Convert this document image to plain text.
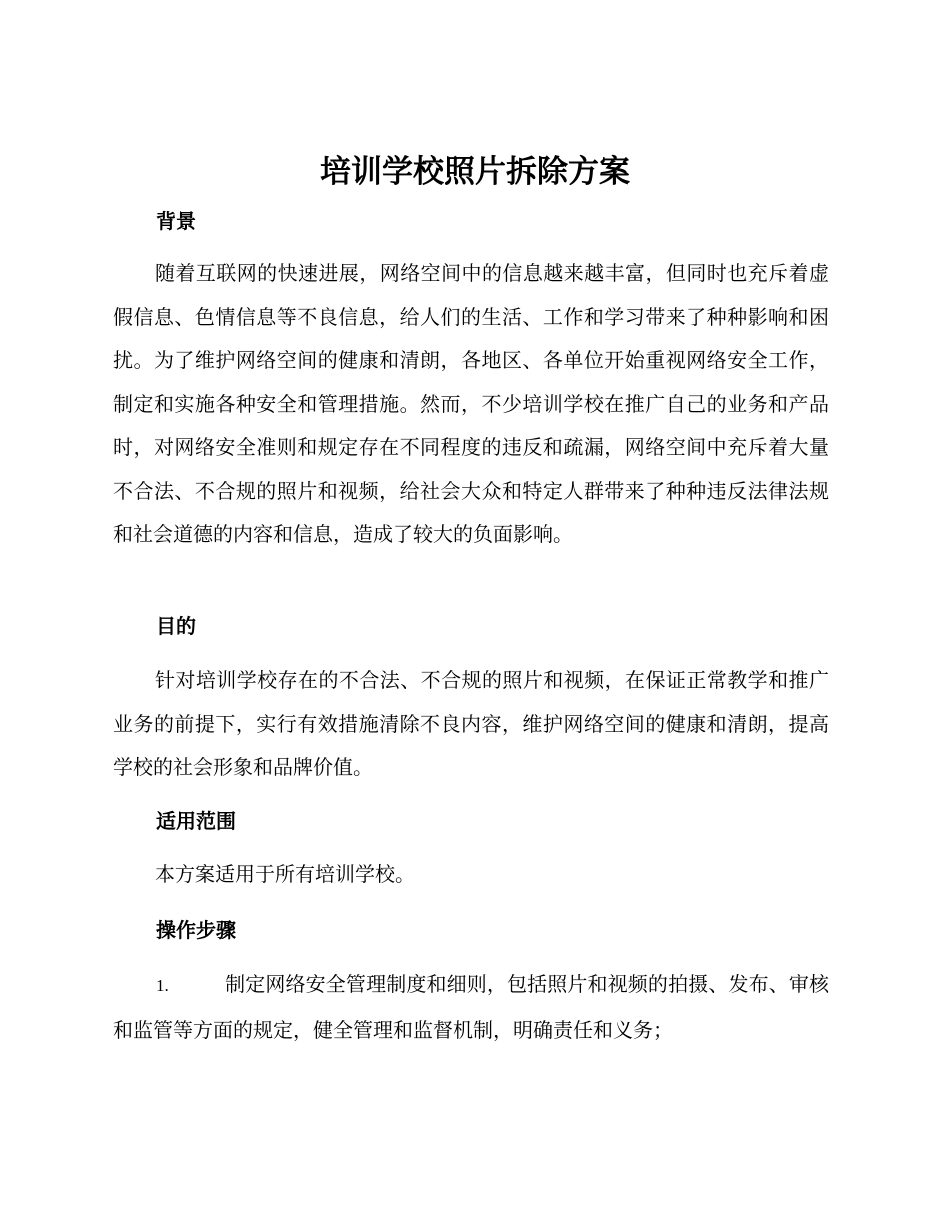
培训学校照片拆除方案
背景
随着互联网的快速进展，网络空间中的信息越来越丰富，但同时也充斥着虚假信息、色情信息等不良信息，给人们的生活、工作和学习带来了种种影响和困扰。为了维护网络空间的健康和清朗，各地区、各单位开始重视网络安全工作，制定和实施各种安全和管理措施。然而，不少培训学校在推广自己的业务和产品时，对网络安全准则和规定存在不同程度的违反和疏漏，网络空间中充斥着大量不合法、不合规的照片和视频，给社会大众和特定人群带来了种种违反法律法规和社会道德的内容和信息，造成了较大的负面影响。
目的
针对培训学校存在的不合法、不合规的照片和视频，在保证正常教学和推广业务的前提下，实行有效措施清除不良内容，维护网络空间的健康和清朗，提高学校的社会形象和品牌价值。
适用范围
本方案适用于所有培训学校。
操作步骤
1.	制定网络安全管理制度和细则，包括照片和视频的拍摄、发布、审核和监管等方面的规定，健全管理和监督机制，明确责任和义务；
